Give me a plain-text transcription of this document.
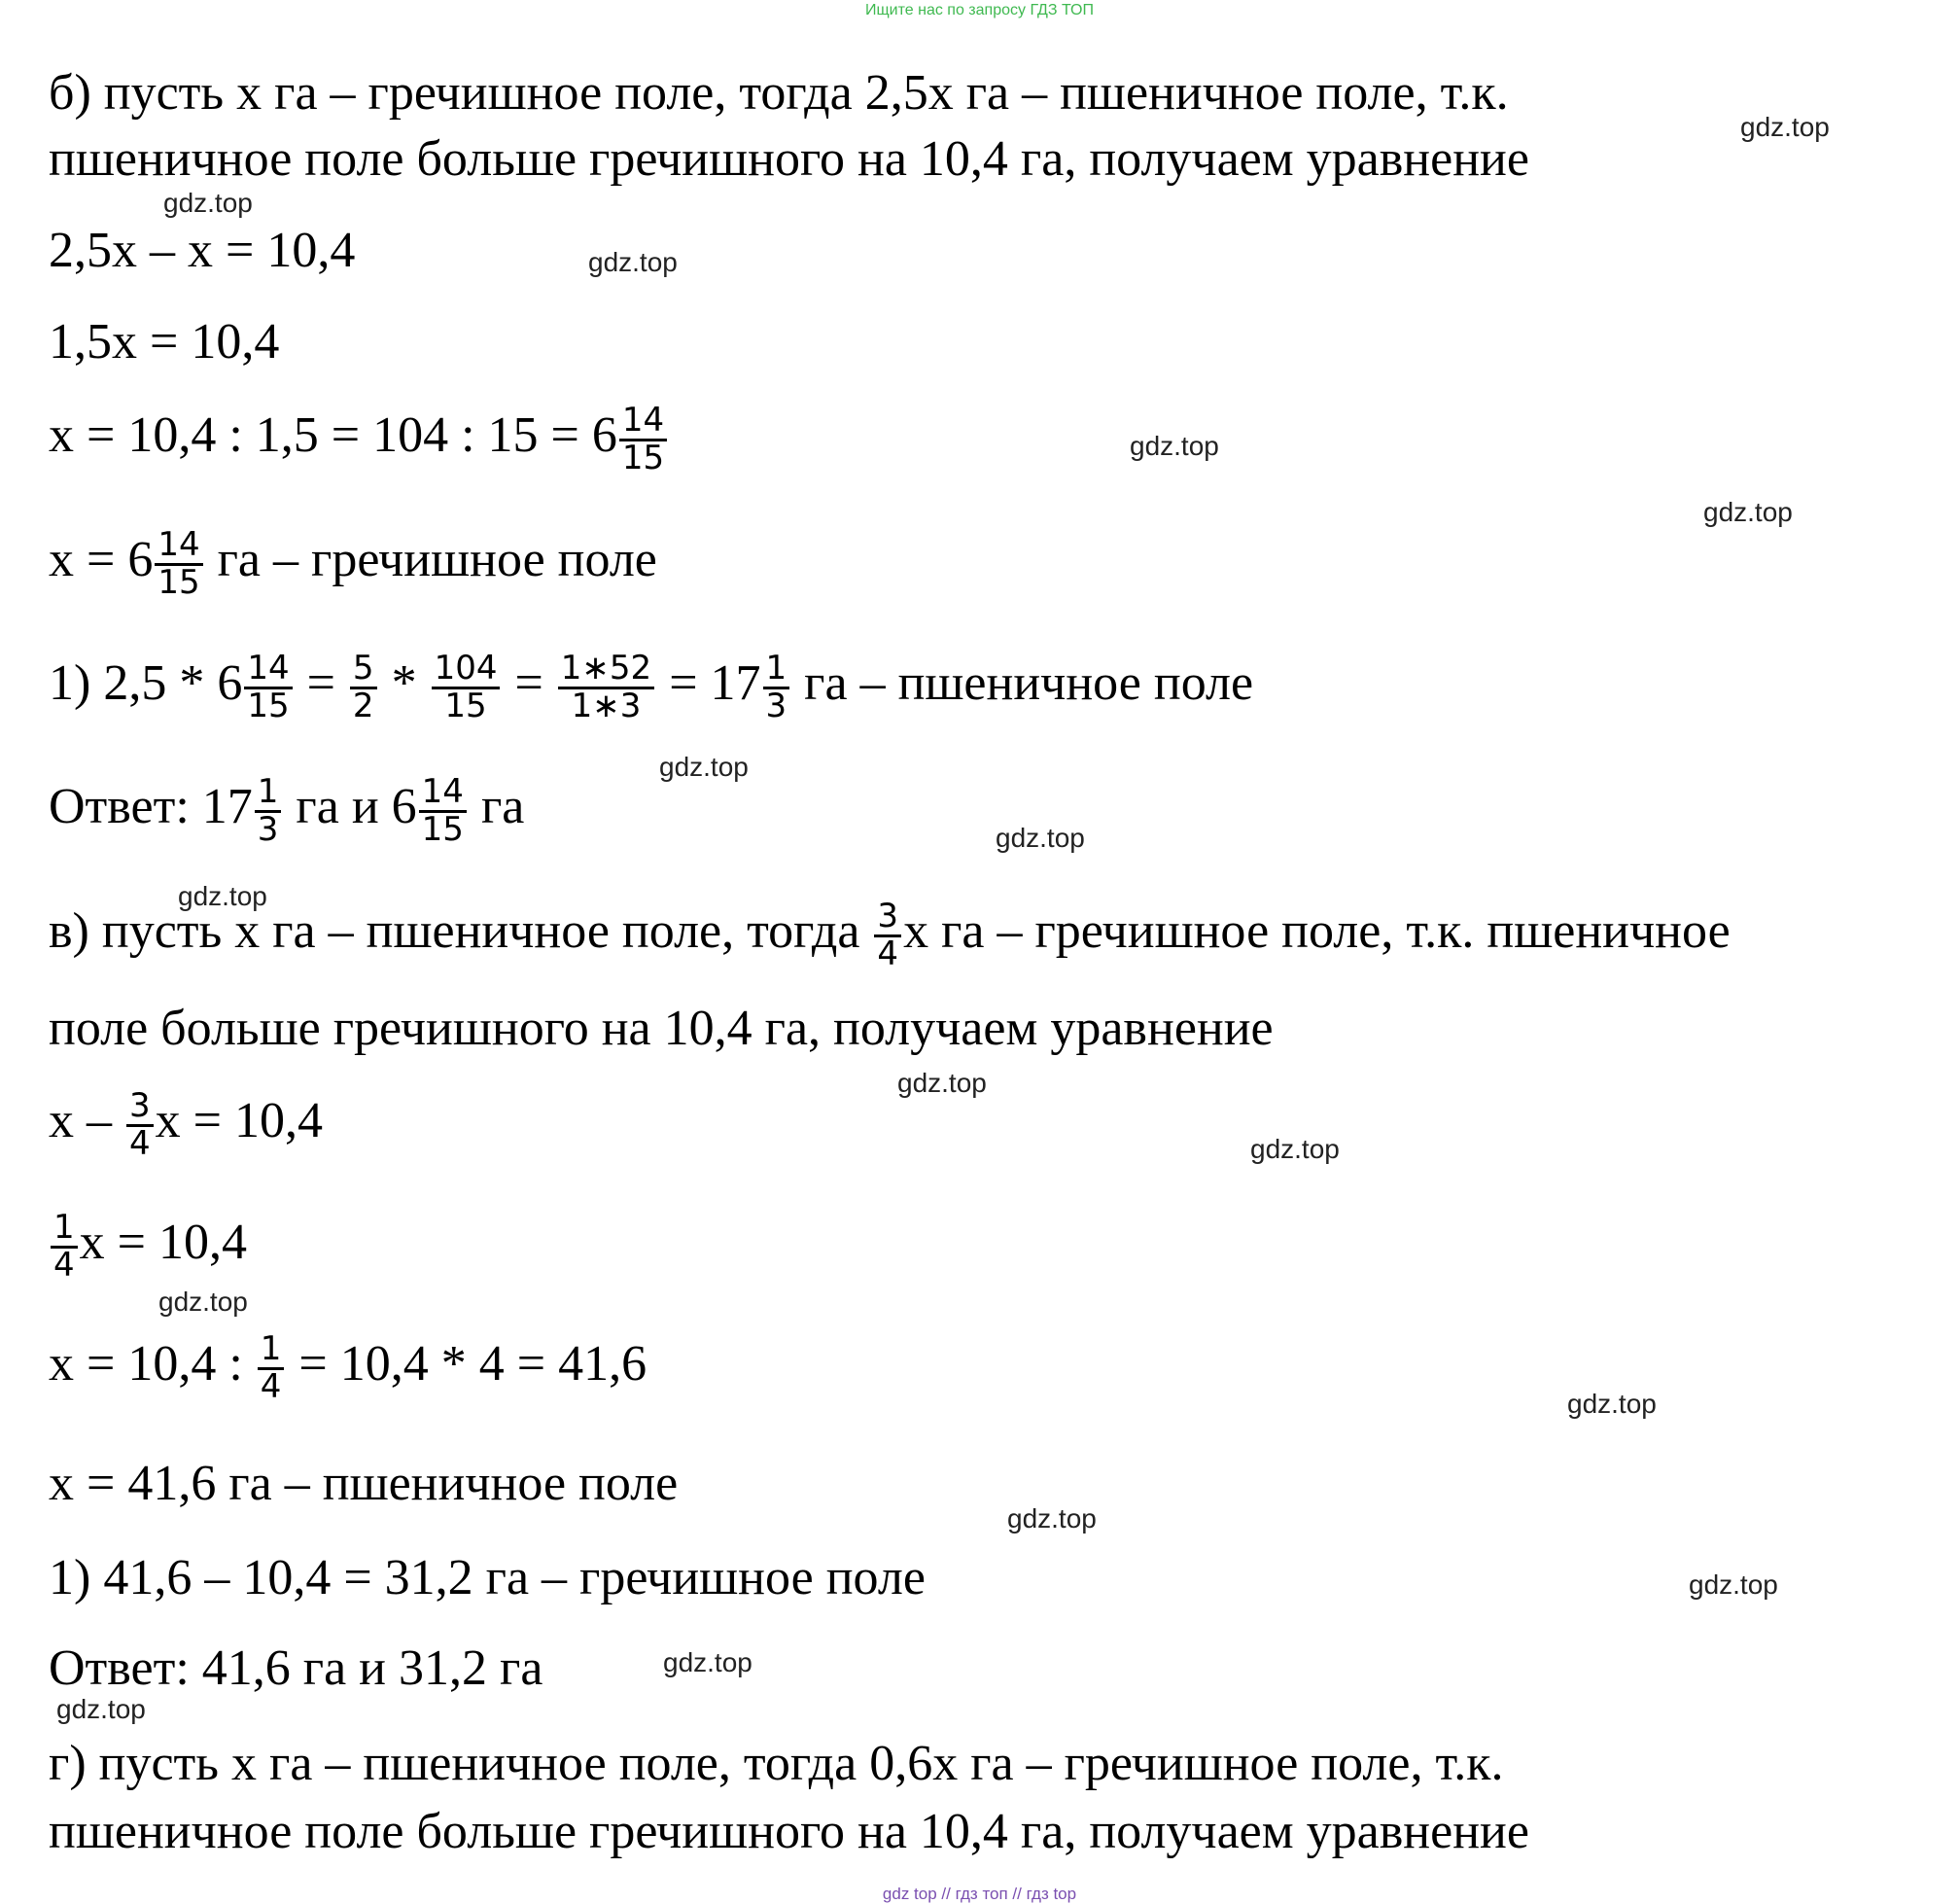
Ищите нас по запросу ГДЗ ТОП
б) пусть x га – гречишное поле, тогда 2,5x га – пшеничное поле, т.к.
пшеничное поле больше гречишного на 10,4 га, получаем уравнение
2,5x – x = 10,4
1,5x = 10,4
x = 10,4 : 1,5 = 104 : $15 = 6 \frac{14}{15}$
$x = 6 \frac{14}{15}$ га – гречишное поле
1) $2,5 * 6 \frac{14}{15} = \frac{5}{2} * \frac{104}{15} = \frac{1∗52}{1∗3} = 17 \frac{1}{3}$ га – пшеничное поле
Ответ: $17 \frac{1}{3}$ га и $6 \frac{14}{15}$ га
в) пусть x га – пшеничное поле, тогда $\frac{3}{4}$ x га – гречишное поле, т.к. пшеничное
поле больше гречишного на 10,4 га, получаем уравнение
x – $\frac{3}{4}$ x = 10,4
$\frac{1}{4}$ x = 10,4
x = 10,4 : $\frac{1}{4} = 10,4 * 4 = 41,6$
x = 41,6 га – пшеничное поле
1) 41,6 – 10,4 = 31,2 га – гречишное поле
Ответ: 41,6 га и 31,2 га
г) пусть x га – пшеничное поле, тогда 0,6x га – гречишное поле, т.к.
пшеничное поле больше гречишного на 10,4 га, получаем уравнение
gdz.top
gdz.top
gdz.top
gdz.top
gdz.top
gdz.top
gdz.top
gdz.top
gdz.top
gdz.top
gdz.top
gdz.top
gdz.top
gdz.top
gdz.top
gdz.top
gdz top // гдз топ // гдз top
